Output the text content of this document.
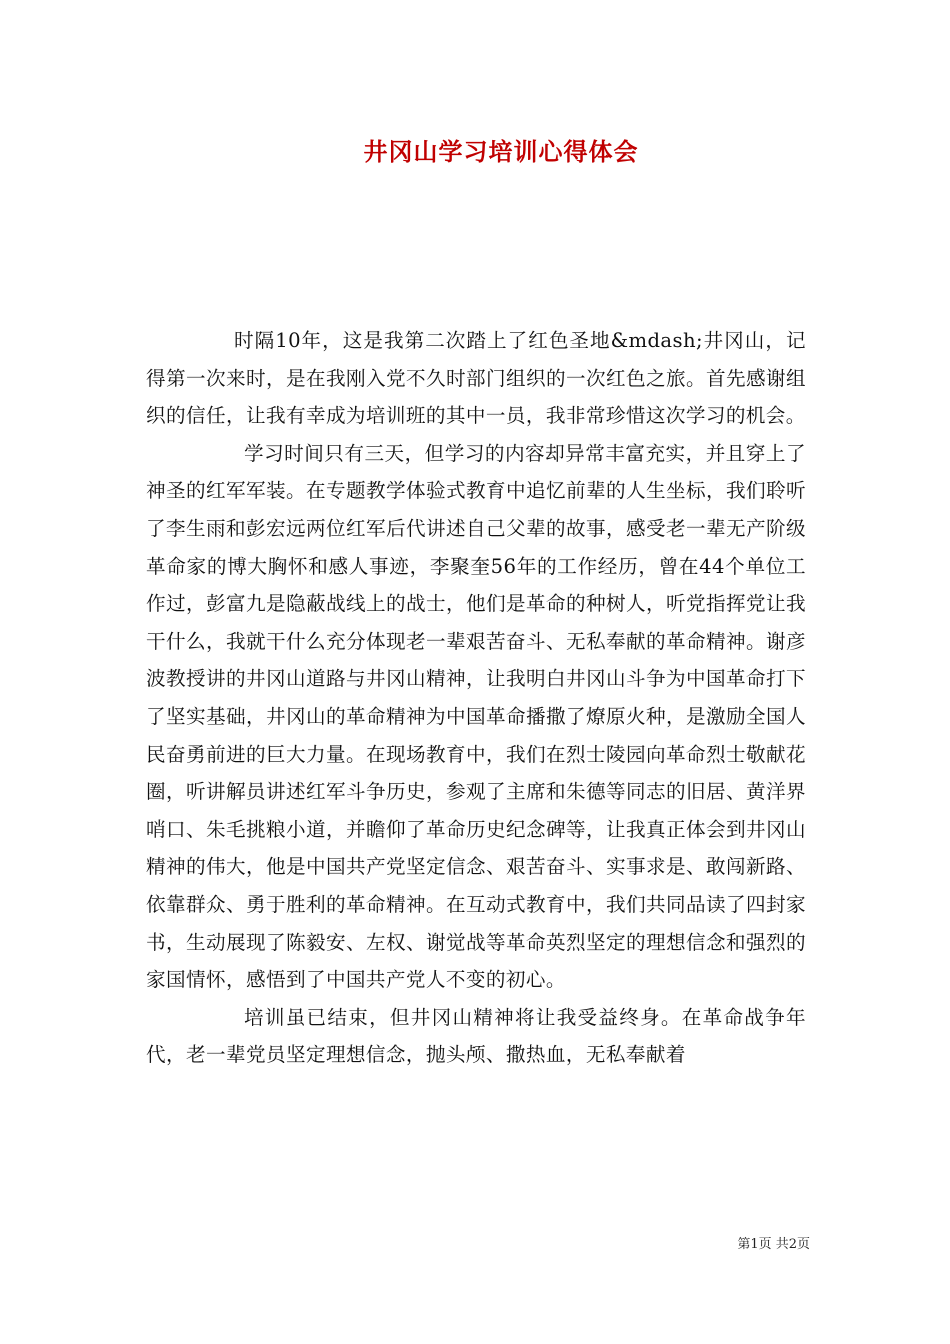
井冈山学习培训心得体会

时隔10年，这是我第二次踏上了红色圣地&mdash;井冈山，记得第一次来时，是在我刚入党不久时部门组织的一次红色之旅。首先感谢组织的信任，让我有幸成为培训班的其中一员，我非常珍惜这次学习的机会。

学习时间只有三天，但学习的内容却异常丰富充实，并且穿上了神圣的红军军装。在专题教学体验式教育中追忆前辈的人生坐标，我们聆听了李生雨和彭宏远两位红军后代讲述自己父辈的故事，感受老一辈无产阶级革命家的博大胸怀和感人事迹，李聚奎56年的工作经历，曾在44个单位工作过，彭富九是隐蔽战线上的战士，他们是革命的种树人，听党指挥党让我干什么，我就干什么充分体现老一辈艰苦奋斗、无私奉献的革命精神。谢彦波教授讲的井冈山道路与井冈山精神，让我明白井冈山斗争为中国革命打下了坚实基础，井冈山的革命精神为中国革命播撒了燎原火种，是激励全国人民奋勇前进的巨大力量。在现场教育中，我们在烈士陵园向革命烈士敬献花圈，听讲解员讲述红军斗争历史，参观了主席和朱德等同志的旧居、黄洋界哨口、朱毛挑粮小道，并瞻仰了革命历史纪念碑等，让我真正体会到井冈山精神的伟大，他是中国共产党坚定信念、艰苦奋斗、实事求是、敢闯新路、依靠群众、勇于胜利的革命精神。在互动式教育中，我们共同品读了四封家书，生动展现了陈毅安、左权、谢觉战等革命英烈坚定的理想信念和强烈的家国情怀，感悟到了中国共产党人不变的初心。

培训虽已结束，但井冈山精神将让我受益终身。在革命战争年代，老一辈党员坚定理想信念，抛头颅、撒热血，无私奉献着

第1页 共2页
